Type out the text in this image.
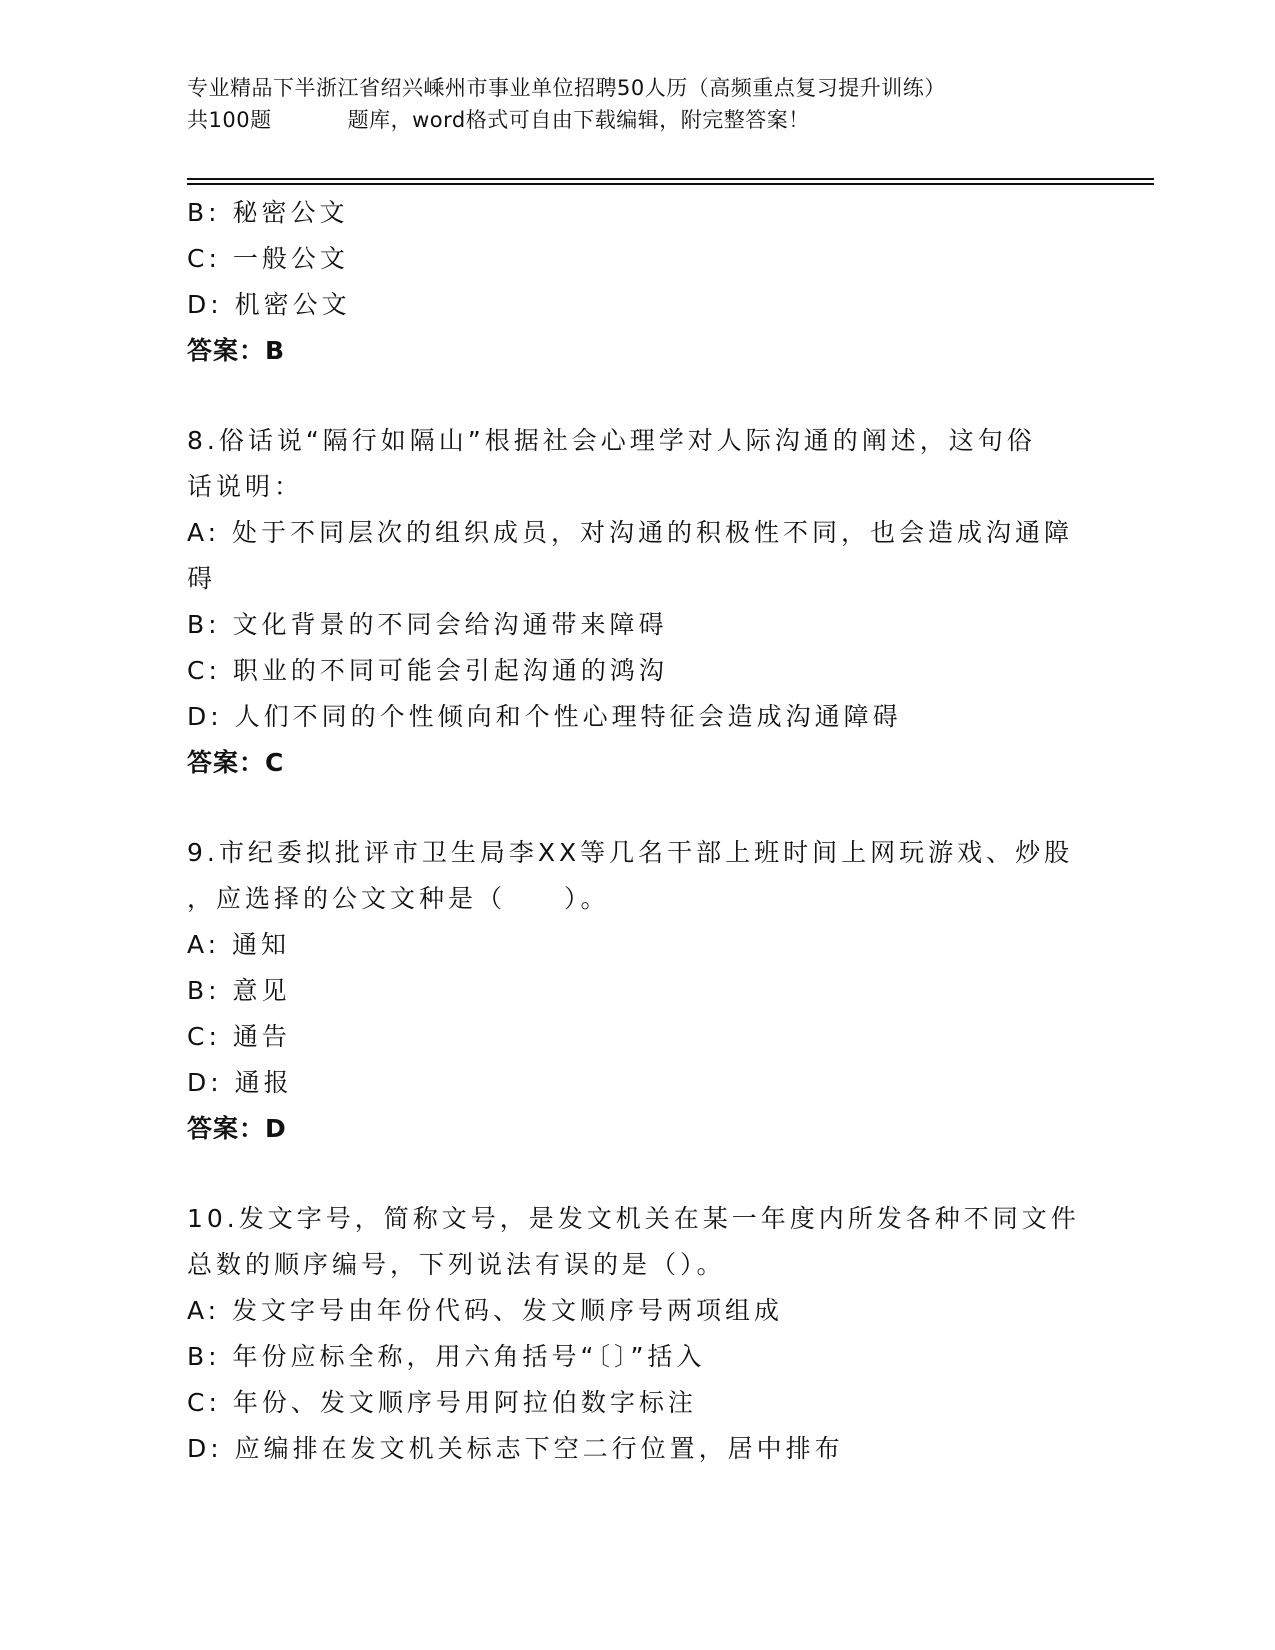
专业精品下半浙江省绍兴嵊州市事业单位招聘50人历（高频重点复习提升训练）
共100题	题库，word格式可自由下载编辑，附完整答案！
B: 秘密公文
C: 一般公文
D: 机密公文
答案：B
8.俗话说“隔行如隔山”根据社会心理学对人际沟通的阐述，这句俗
话说明：
A: 处于不同层次的组织成员，对沟通的积极性不同，也会造成沟通障
碍
B: 文化背景的不同会给沟通带来障碍
C: 职业的不同可能会引起沟通的鸿沟
D: 人们不同的个性倾向和个性心理特征会造成沟通障碍
答案：C
9.市纪委拟批评市卫生局李XX等几名干部上班时间上网玩游戏、炒股
，应选择的公文文种是（　　）。
A: 通知
B: 意见
C: 通告
D: 通报
答案：D
10.发文字号，简称文号，是发文机关在某一年度内所发各种不同文件
总数的顺序编号，下列说法有误的是（）。
A: 发文字号由年份代码、发文顺序号两项组成
B: 年份应标全称，用六角括号“〔〕”括入
C: 年份、发文顺序号用阿拉伯数字标注
D: 应编排在发文机关标志下空二行位置，居中排布
